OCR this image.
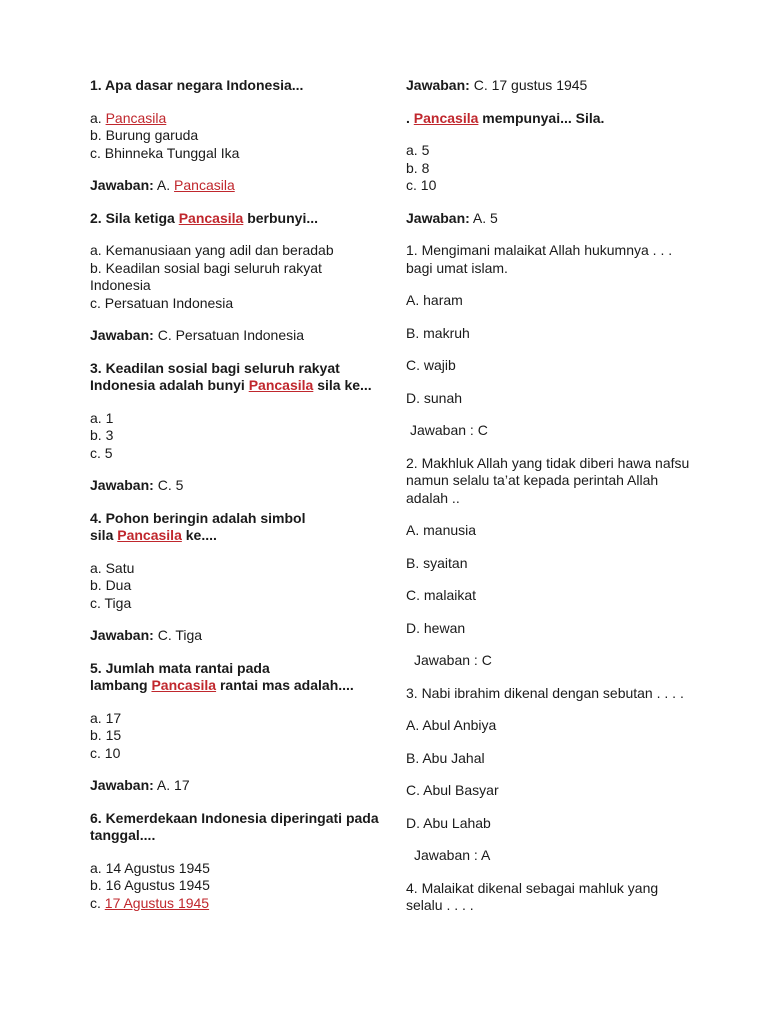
1. Apa dasar negara Indonesia...
a. Pancasila
b. Burung garuda
c. Bhinneka Tunggal Ika
Jawaban: A. Pancasila
2. Sila ketiga Pancasila berbunyi...
a. Kemanusiaan yang adil dan beradab
b. Keadilan sosial bagi seluruh rakyat Indonesia
c. Persatuan Indonesia
Jawaban: C. Persatuan Indonesia
3. Keadilan sosial bagi seluruh rakyat Indonesia adalah bunyi Pancasila sila ke...
a. 1
b. 3
c. 5
Jawaban: C. 5
4. Pohon beringin adalah simbol
sila Pancasila ke....
a. Satu
b. Dua
c. Tiga
Jawaban: C. Tiga
5. Jumlah mata rantai pada
lambang Pancasila rantai mas adalah....
a. 17
b. 15
c. 10
Jawaban: A. 17
6. Kemerdekaan Indonesia diperingati pada tanggal....
a. 14 Agustus 1945
b. 16 Agustus 1945
c. 17 Agustus 1945
Jawaban: C. 17 gustus 1945
. Pancasila mempunyai... Sila.
a. 5
b. 8
c. 10
Jawaban: A. 5
1. Mengimani malaikat Allah hukumnya . . . bagi umat islam.
A. haram
B. makruh
C. wajib
D. sunah
Jawaban : C
2. Makhluk Allah yang tidak diberi hawa nafsu namun selalu ta’at kepada perintah Allah adalah ..
A. manusia
B. syaitan
C. malaikat
D. hewan
Jawaban : C
3. Nabi ibrahim dikenal dengan sebutan . . . .
A. Abul Anbiya
B. Abu Jahal
C. Abul Basyar
D. Abu Lahab
Jawaban : A
4. Malaikat dikenal sebagai mahluk yang selalu . . . .
